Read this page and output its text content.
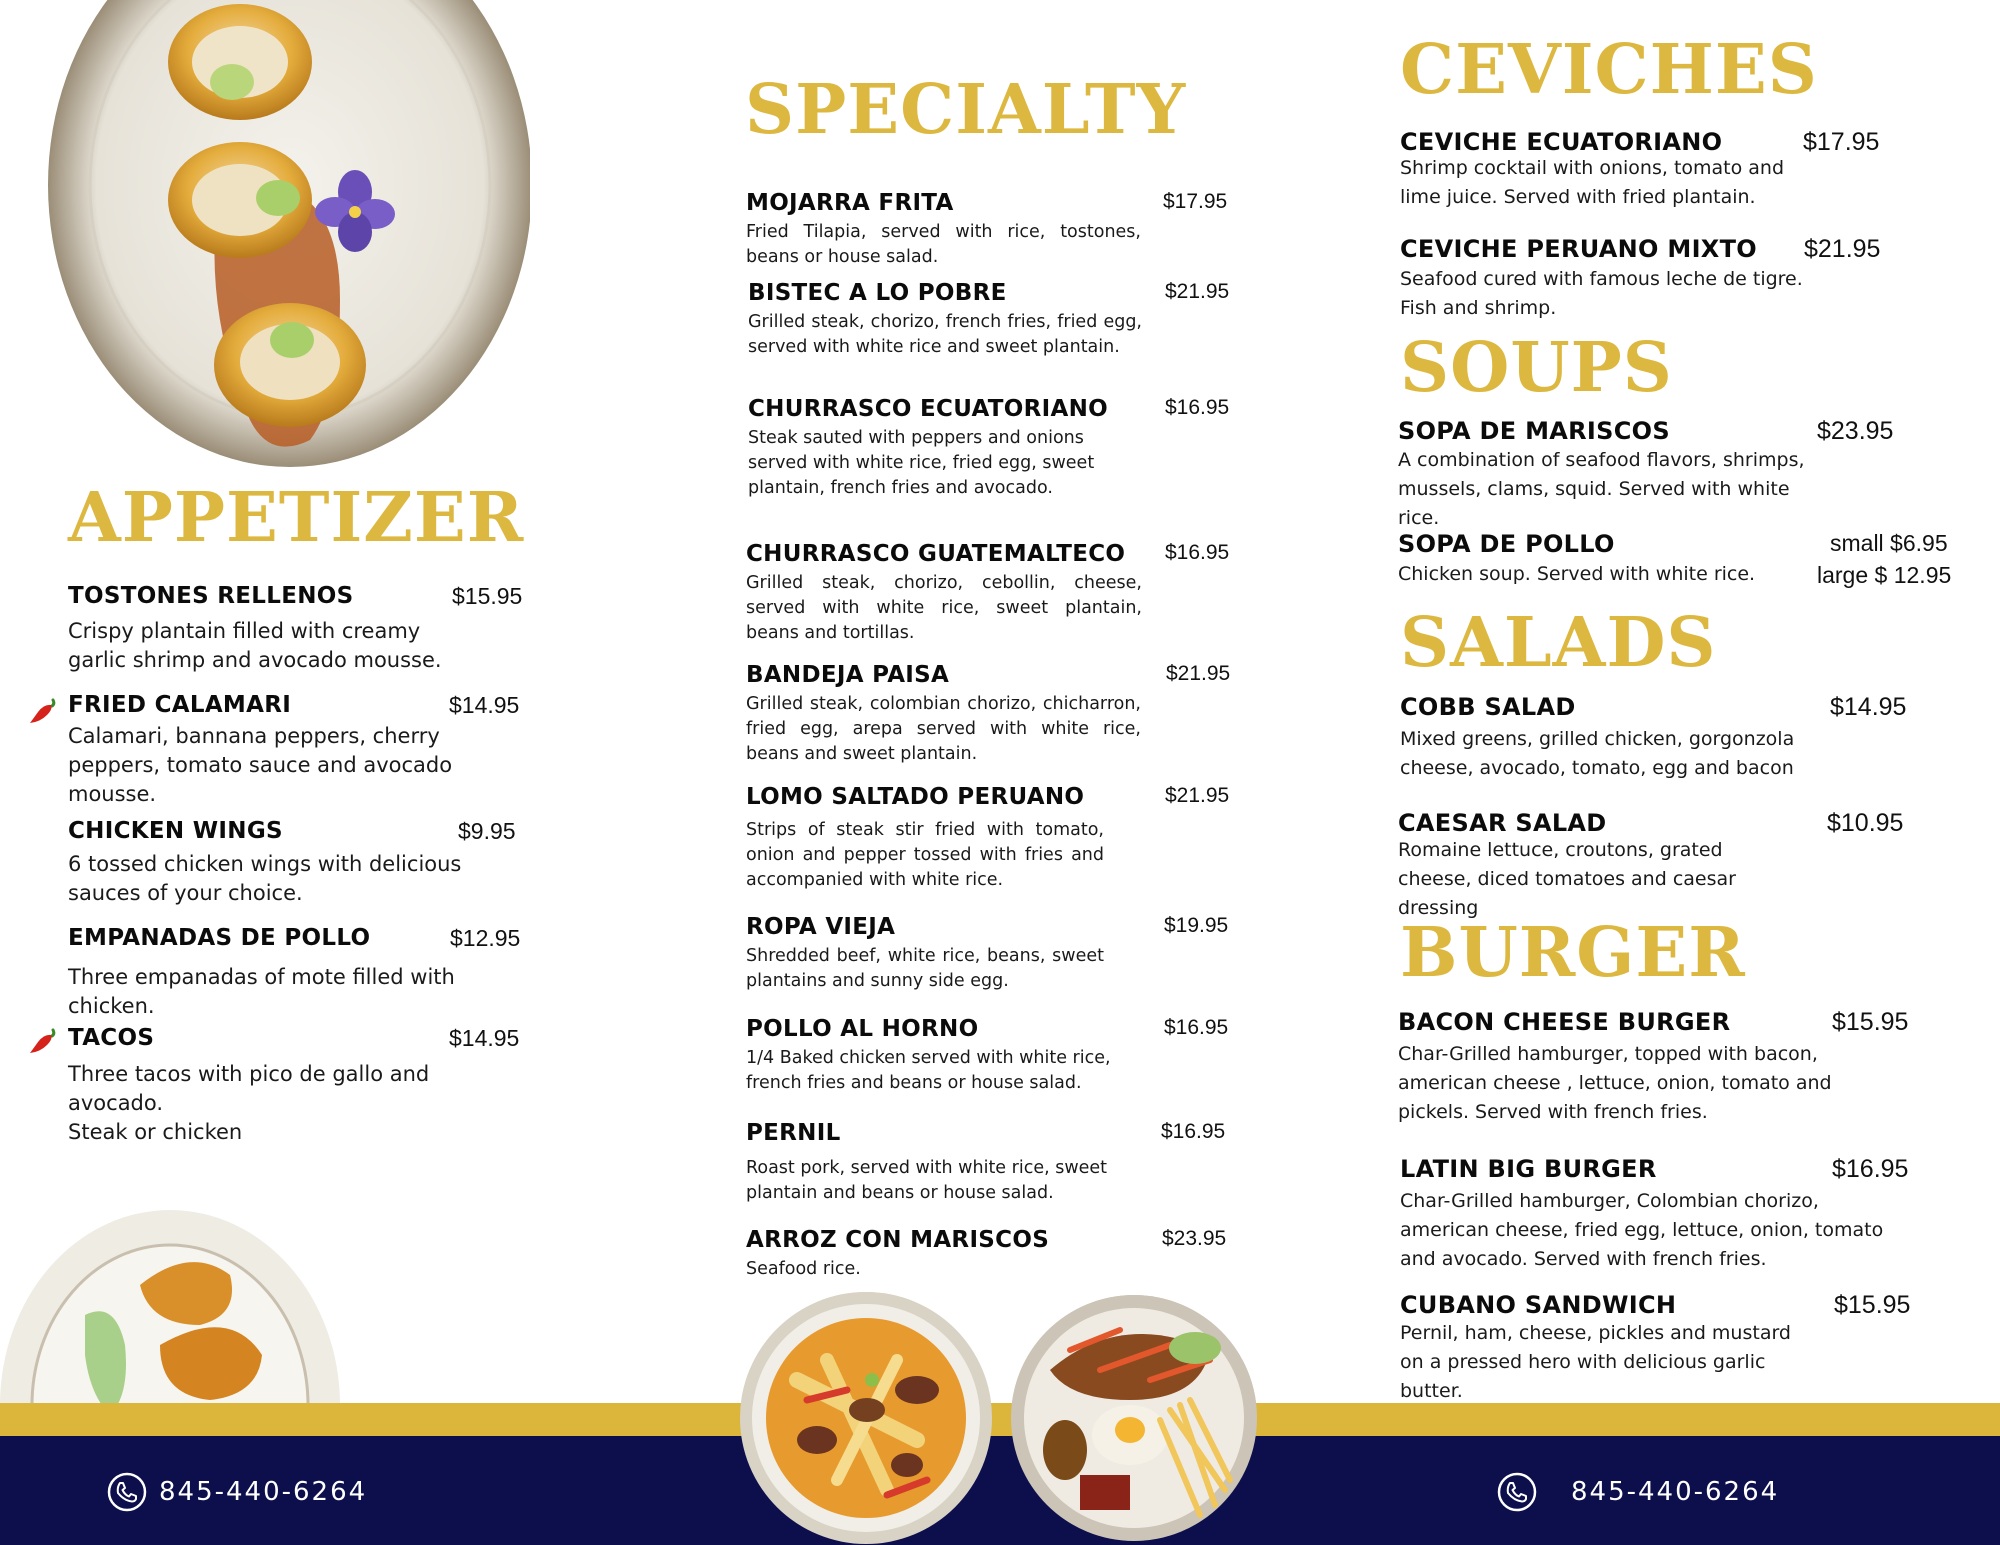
APPETIZER
TOSTONES RELLENOS	$15.95
Crispy plantain filled with creamy garlic shrimp and avocado mousse.
FRIED CALAMARI	$14.95
Calamari, bannana peppers, cherry peppers, tomato sauce and avocado mousse.
CHICKEN WINGS	$9.95
6 tossed chicken wings with delicious sauces of your choice.
EMPANADAS DE POLLO	$12.95
Three empanadas of mote filled with chicken.
TACOS	$14.95
Three tacos with pico de gallo and avocado.
Steak or chicken
SPECIALTY
MOJARRA FRITA	$17.95
Fried Tilapia, served with rice, tostones, beans or house salad.
BISTEC A LO POBRE	$21.95
Grilled steak, chorizo, french fries, fried egg, served with white rice and sweet plantain.
CHURRASCO ECUATORIANO	$16.95
Steak sauted with peppers and onions served with white rice, fried egg, sweet plantain, french fries and avocado.
CHURRASCO GUATEMALTECO $16.95
Grilled steak, chorizo, cebollin, cheese, served with white rice, sweet plantain, beans and tortillas.
BANDEJA PAISA	$21.95
Grilled steak, colombian chorizo, chicharron, fried egg, arepa served with white rice, beans and sweet plantain.
LOMO SALTADO PERUANO	$21.95
Strips of steak stir fried with tomato, onion and pepper tossed with fries and accompanied with white rice.
ROPA VIEJA	$19.95
Shredded beef, white rice, beans, sweet plantains and sunny side egg.
POLLO AL HORNO	$16.95
1/4 Baked chicken served with white rice, french fries and beans or house salad.
PERNIL	$16.95
Roast pork, served with white rice, sweet plantain and beans or house salad.
ARROZ CON MARISCOS	$23.95
Seafood rice.
CEVICHES
CEVICHE ECUATORIANO	$17.95
Shrimp cocktail with onions, tomato and lime juice. Served with fried plantain.
CEVICHE PERUANO MIXTO $21.95
Seafood cured with famous leche de tigre. Fish and shrimp.
SOUPS
SOPA DE MARISCOS	$23.95
A combination of seafood flavors, shrimps, mussels, clams, squid. Served with white rice.
SOPA DE POLLO	small $6.95
large $ 12.95
Chicken soup. Served with white rice.
SALADS
COBB SALAD	$14.95
Mixed greens, grilled chicken, gorgonzola cheese, avocado, tomato, egg and bacon
CAESAR SALAD	$10.95
Romaine lettuce, croutons, grated cheese, diced tomatoes and caesar dressing
BURGER
BACON CHEESE BURGER	$15.95
Char-Grilled hamburger, topped with bacon, american cheese , lettuce, onion, tomato and pickels. Served with french fries.
LATIN BIG BURGER	$16.95
Char-Grilled hamburger, Colombian chorizo, american cheese, fried egg, lettuce, onion, tomato and avocado. Served with french fries.
CUBANO SANDWICH	$15.95
Pernil, ham, cheese, pickles and mustard on a pressed hero with delicious garlic butter.
845-440-6264	845-440-6264
